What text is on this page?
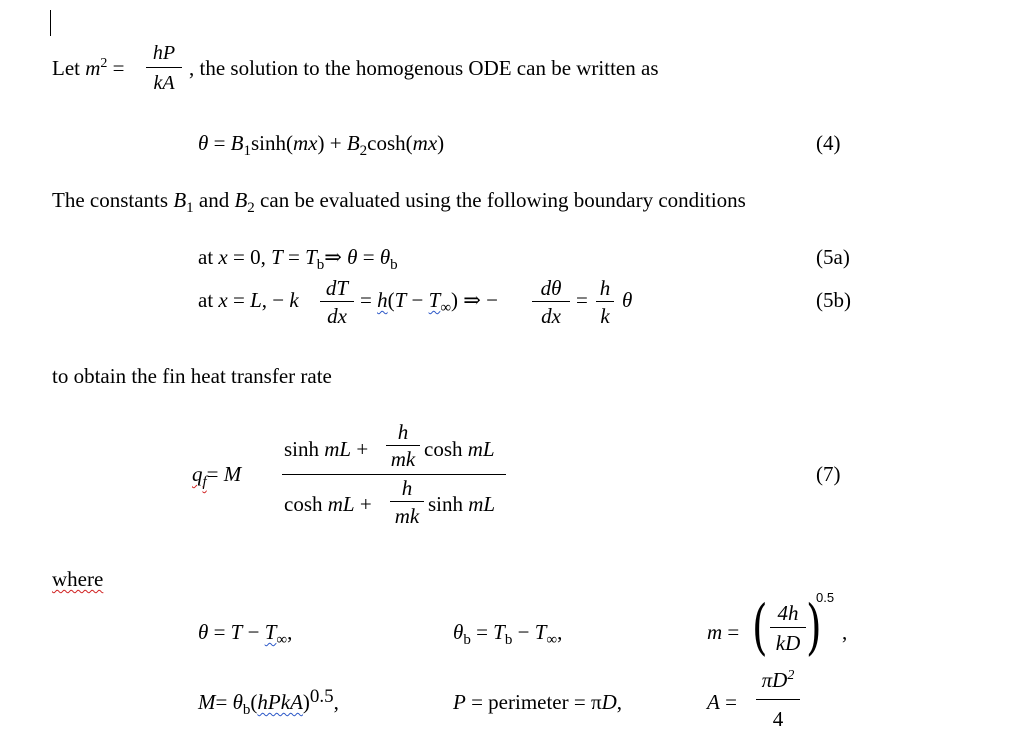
Let $m^2$ =
hP
kA
, the solution to the homogenous ODE can be written as
$\theta = B_1\sinh(mx) + B_2\cosh(mx)$	(4)
The constants $B_1$ and $B_2$ can be evaluated using the following boundary conditions
at x = 0, $T = T_b\Rightarrow$ $\theta = \theta_b$	(5a)
at x = L, − k dT
dx
= $h(T - T_\infty)$ ⇒ −	dθ
dx
= h
k
θ	(5b)
to obtain the fin heat transfer rate
$q_f= M$
sinh mL +
h
mk cosh mL
cosh mL +
h
mk sinh mL
(7)
where
$\theta = T - T_\infty$,	$\theta_b = T_b - T_\infty$,	m = ( 4h
kD )
0.5
,
$M= \theta_b(hPkA)0.5$,	P = perimeter = πD,	A =
$\pi D^2$
4
